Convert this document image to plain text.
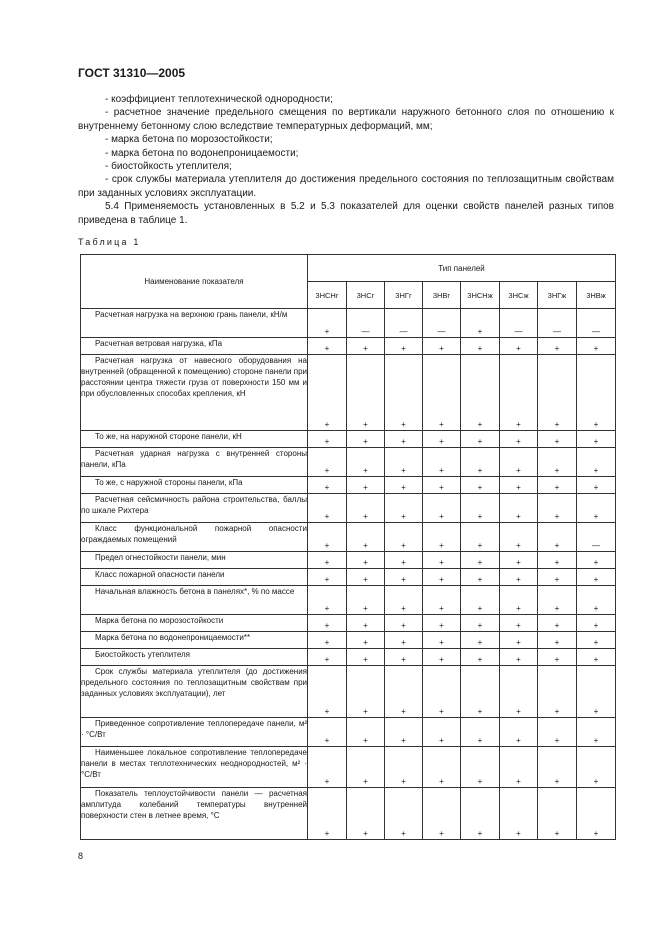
ГОСТ 31310—2005

- коэффициент теплотехнической однородности;

- расчетное значение предельного смещения по вертикали наружного бетонного слоя по отношению к внутреннему бетонному слою вследствие температурных деформаций, мм;

- марка бетона по морозостойкости;

- марка бетона по водонепроницаемости;

- биостойкость утеплителя;

- срок службы материала утеплителя до достижения предельного состояния по теплозащитным свойствам при заданных условиях эксплуатации.

5.4 Применяемость установленных в 5.2 и 5.3 показателей для оценки свойств панелей разных типов приведена в таблице 1.

Таблица 1
Наименование показателя	Тип панелей							
	3НСНг	3НСг	3НГг	3НВг	3НСНж	3НСж	3НГж	3НВж
Расчетная нагрузка на верхнюю грань панели, кН/м	+	—	—	—	+	—	—	—
Расчетная ветровая нагрузка, кПа	+	+	+	+	+	+	+	+
Расчетная нагрузка от навесного оборудования на внутренней (обращенной к помещению) стороне панели при расстоянии центра тяжести груза от поверхности 150 мм и при обусловленных способах крепления, кН	+	+	+	+	+	+	+	+
То же, на наружной стороне панели, кН	+	+	+	+	+	+	+	+
Расчетная ударная нагрузка с внутренней стороны панели, кПа	+	+	+	+	+	+	+	+
То же, с наружной стороны панели, кПа	+	+	+	+	+	+	+	+
Расчетная сейсмичность района строительства, баллы по шкале Рихтера	+	+	+	+	+	+	+	+
Класс функциональной пожарной опасности ограждаемых помещений	+	+	+	+	+	+	+	—
Предел огнестойкости панели, мин	+	+	+	+	+	+	+	+
Класс пожарной опасности панели	+	+	+	+	+	+	+	+
Начальная влажность бетона в панелях*, % по массе	+	+	+	+	+	+	+	+
Марка бетона по морозостойкости	+	+	+	+	+	+	+	+
Марка бетона по водонепроницаемости**	+	+	+	+	+	+	+	+
Биостойкость утеплителя	+	+	+	+	+	+	+	+
Срок службы материала утеплителя (до достижения предельного состояния по теплозащитным свойствам при заданных условиях эксплуатации), лет	+	+	+	+	+	+	+	+
Приведенное сопротивление теплопередаче панели, м² · °С/Вт	+	+	+	+	+	+	+	+
Наименьшее локальное сопротивление теплопередаче панели в местах теплотехнических неоднородностей, м² · °С/Вт	+	+	+	+	+	+	+	+
Показатель теплоустойчивости панели — расчетная амплитуда колебаний температуры внутренней поверхности стен в летнее время, °С	+	+	+	+	+	+	+	+
8
